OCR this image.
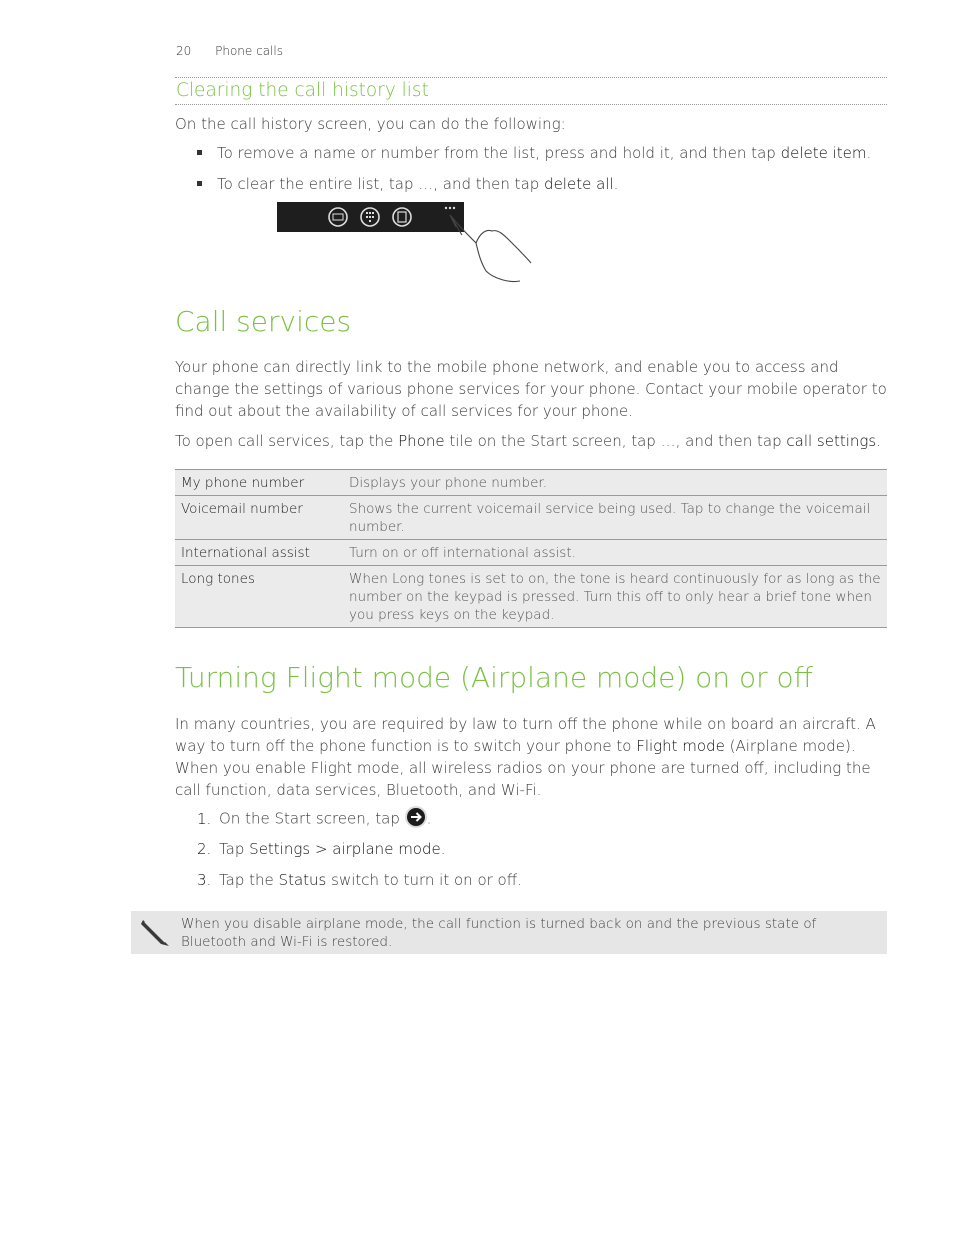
20 Phone calls
Clearing the call history list
On the call history screen, you can do the following:
To remove a name or number from the list, press and hold it, and then tap delete item.
To clear the entire list, tap …, and then tap delete all.
Call services
Your phone can directly link to the mobile phone network, and enable you to access and change the settings of various phone services for your phone. Contact your mobile operator to find out about the availability of call services for your phone.
To open call services, tap the Phone tile on the Start screen, tap …, and then tap call settings.
My phone number	Displays your phone number.
Voicemail number	Shows the current voicemail service being used. Tap to change the voicemail number.
International assist	Turn on or off international assist.
Long tones	When Long tones is set to on, the tone is heard continuously for as long as the number on the keypad is pressed. Turn this off to only hear a brief tone when you press keys on the keypad.
Turning Flight mode (Airplane mode) on or off
In many countries, you are required by law to turn off the phone while on board an aircraft. A way to turn off the phone function is to switch your phone to Flight mode (Airplane mode). When you enable Flight mode, all wireless radios on your phone are turned off, including the call function, data services, Bluetooth, and Wi-Fi.
1. On the Start screen, tap
.
2. Tap Settings > airplane mode.
3. Tap the Status switch to turn it on or off.
When you disable airplane mode, the call function is turned back on and the previous state of Bluetooth and Wi-Fi is restored.
